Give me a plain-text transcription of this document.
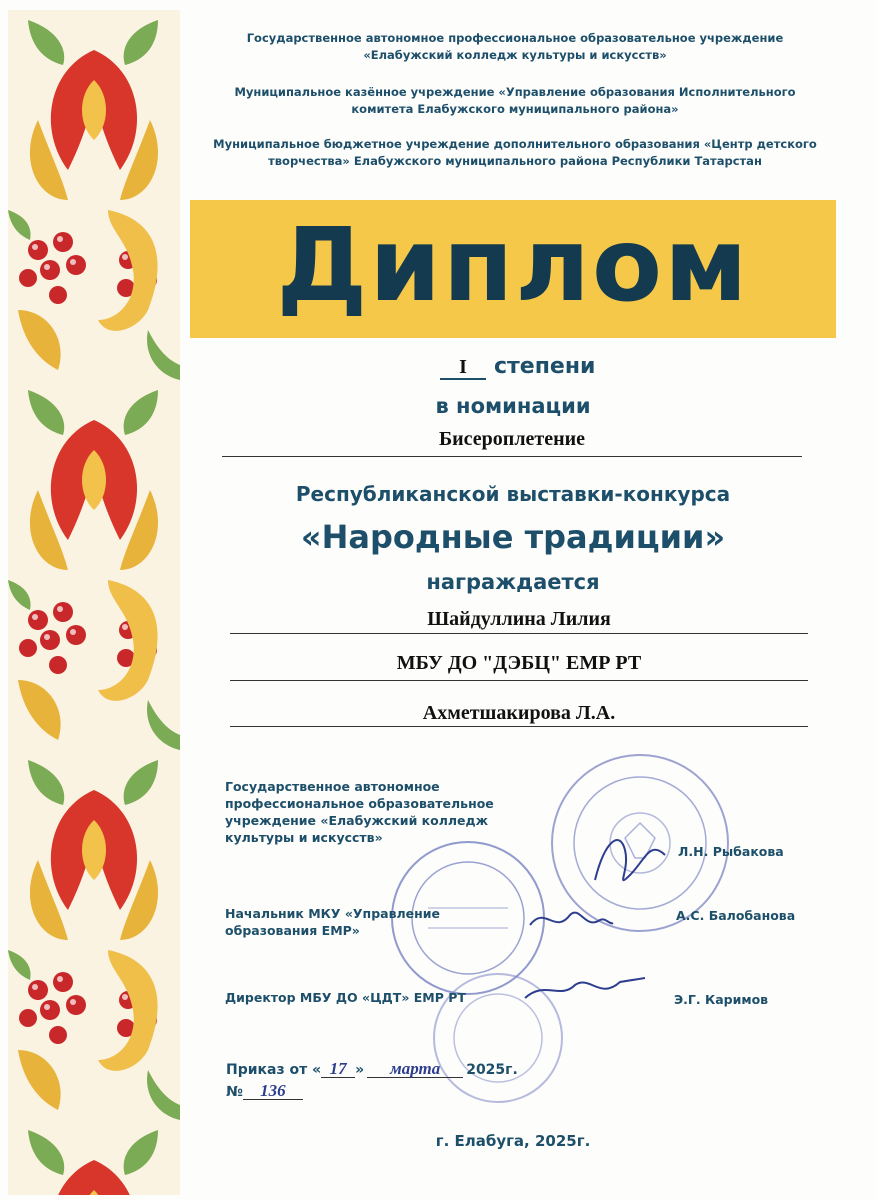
Государственное автономное профессиональное образовательное учреждение
«Елабужский колледж культуры и искусств»
Муниципальное казённое учреждение «Управление образования Исполнительного
комитета Елабужского муниципального района»
Муниципальное бюджетное учреждение дополнительного образования «Центр детского
творчества» Елабужского муниципального района Республики Татарстан
Диплом
I степени
в номинации
Бисероплетение
Республиканской выставки-конкурса
«Народные традиции»
награждается
Шайдуллина Лилия
МБУ ДО "ДЭБЦ" ЕМР РТ
Ахметшакирова Л.А.
Государственное автономное
профессиональное образовательное
учреждение «Елабужский колледж
культуры и искусств»
Л.Н. Рыбакова
Начальник МКУ «Управление
образования ЕМР»
А.С. Балобанова
Директор МБУ ДО «ЦДТ» ЕМР РТ	Э.Г. Каримов
Приказ от « 17 » марта 2025г.
№ 136
г. Елабуга, 2025г.
